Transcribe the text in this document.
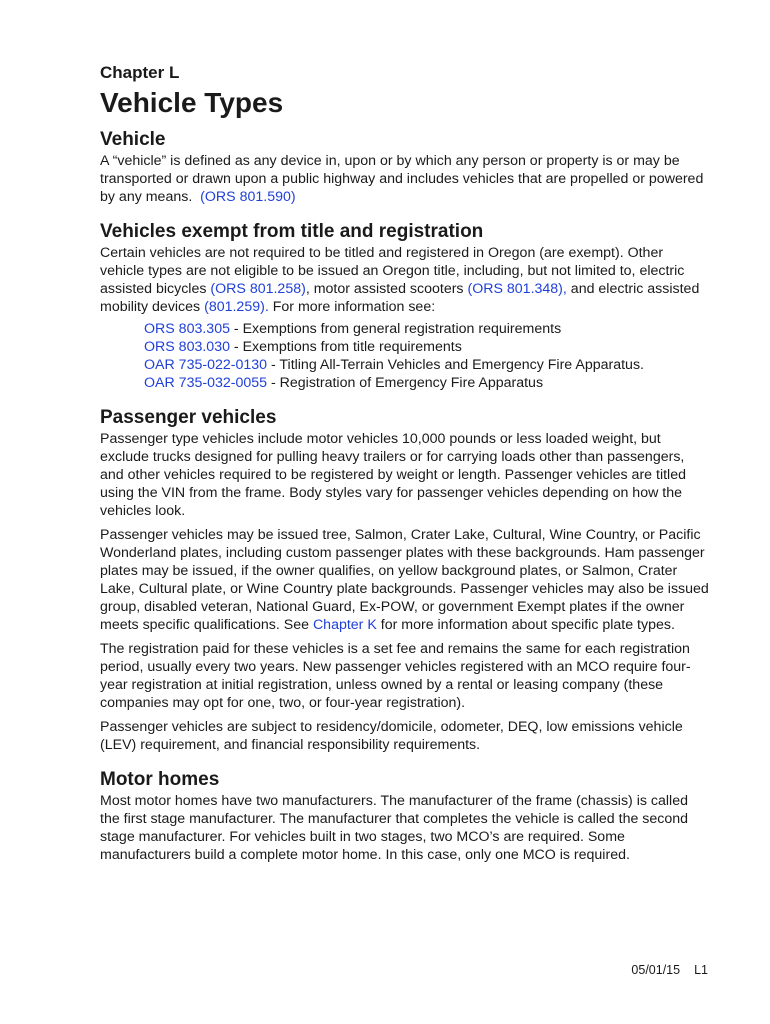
Chapter L

Vehicle Types
Vehicle

A “vehicle” is defined as any device in, upon or by which any person or property is or may be transported or drawn upon a public highway and includes vehicles that are propelled or powered by any means. (ORS 801.590)

Vehicles exempt from title and registration

Certain vehicles are not required to be titled and registered in Oregon (are exempt). Other vehicle types are not eligible to be issued an Oregon title, including, but not limited to, electric assisted bicycles (ORS 801.258), motor assisted scooters (ORS 801.348), and electric assisted mobility devices (801.259). For more information see:

ORS 803.305 - Exemptions from general registration requirements
ORS 803.030 - Exemptions from title requirements
OAR 735-022-0130 - Titling All-Terrain Vehicles and Emergency Fire Apparatus.
OAR 735-032-0055 - Registration of Emergency Fire Apparatus
Passenger vehicles

Passenger type vehicles include motor vehicles 10,000 pounds or less loaded weight, but exclude trucks designed for pulling heavy trailers or for carrying loads other than passengers, and other vehicles required to be registered by weight or length. Passenger vehicles are titled using the VIN from the frame. Body styles vary for passenger vehicles depending on how the vehicles look.

Passenger vehicles may be issued tree, Salmon, Crater Lake, Cultural, Wine Country, or Pacific Wonderland plates, including custom passenger plates with these backgrounds. Ham passenger plates may be issued, if the owner qualifies, on yellow background plates, or Salmon, Crater Lake, Cultural plate, or Wine Country plate backgrounds. Passenger vehicles may also be issued group, disabled veteran, National Guard, Ex-POW, or government Exempt plates if the owner meets specific qualifications. See Chapter K for more information about specific plate types.

The registration paid for these vehicles is a set fee and remains the same for each registration period, usually every two years. New passenger vehicles registered with an MCO require four-year registration at initial registration, unless owned by a rental or leasing company (these companies may opt for one, two, or four-year registration).

Passenger vehicles are subject to residency/domicile, odometer, DEQ, low emissions vehicle (LEV) requirement, and financial responsibility requirements.

Motor homes

Most motor homes have two manufacturers. The manufacturer of the frame (chassis) is called the first stage manufacturer. The manufacturer that completes the vehicle is called the second stage manufacturer. For vehicles built in two stages, two MCO’s are required. Some manufacturers build a complete motor home. In this case, only one MCO is required.

05/01/15 L1
